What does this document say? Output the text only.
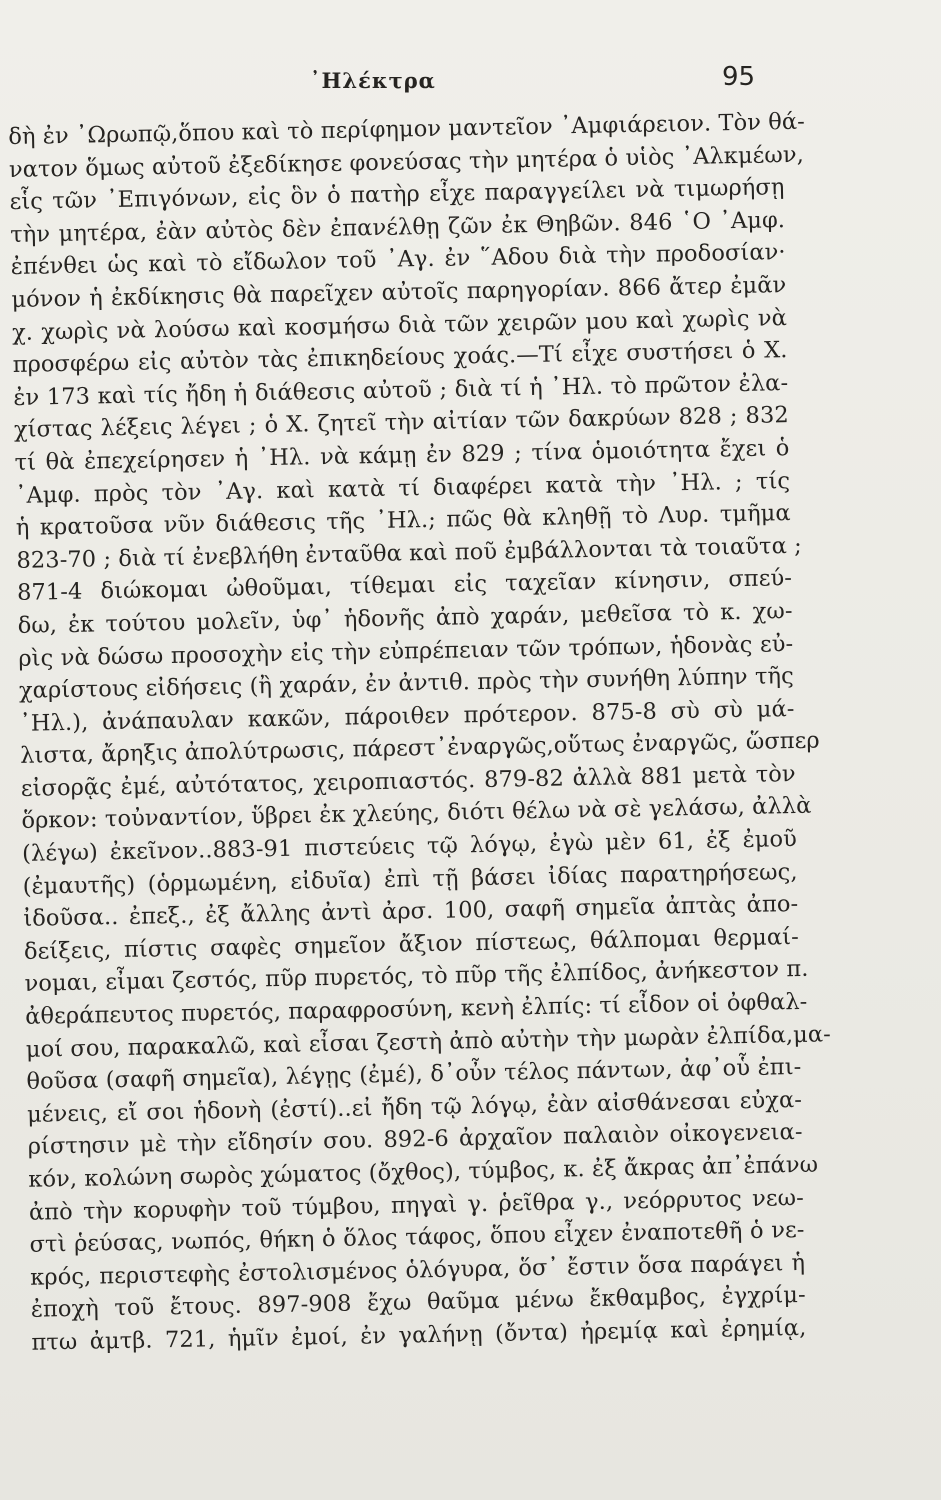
᾿Ηλέκτρα	95
δὴ ἐν ᾿Ωρωπῷ,ὅπου καὶ τὸ περίφημον μαντεῖον ᾿Αμφιάρειον. Τὸν θά-
νατον ὅμως αὐτοῦ ἐξεδίκησε φονεύσας τὴν μητέρα ὁ υἱὸς ᾿Αλκμέων,
εἷς τῶν ᾿Επιγόνων, εἰς ὃν ὁ πατὴρ εἶχε παραγγείλει νὰ τιμωρήσῃ
τὴν μητέρα, ἐὰν αὐτὸς δὲν ἐπανέλθῃ ζῶν ἐκ Θηβῶν. 846 ῾Ο ᾿Αμφ.
ἐπένθει ὡς καὶ τὸ εἴδωλον τοῦ ᾿Αγ. ἐν ῞Αδου διὰ τὴν προδοσίαν·
μόνον ἡ ἐκδίκησις θὰ παρεῖχεν αὐτοῖς παρηγορίαν. 866 ἄτερ ἐμᾶν
χ. χωρὶς νὰ λούσω καὶ κοσμήσω διὰ τῶν χειρῶν μου καὶ χωρὶς νὰ
προσφέρω εἰς αὐτὸν τὰς ἐπικηδείους χοάς.—Τί εἶχε συστήσει ὁ Χ.
ἐν 173 καὶ τίς ἤδη ἡ διάθεσις αὐτοῦ ; διὰ τί ἡ ᾿Ηλ. τὸ πρῶτον ἐλα-
χίστας λέξεις λέγει ; ὁ Χ. ζητεῖ τὴν αἰτίαν τῶν δακρύων 828 ; 832
τί θὰ ἐπεχείρησεν ἡ ᾿Ηλ. νὰ κάμῃ ἐν 829 ; τίνα ὁμοιότητα ἔχει ὁ
᾿Αμφ. πρὸς τὸν ᾿Αγ. καὶ κατὰ τί διαφέρει κατὰ τὴν ᾿Ηλ. ; τίς
ἡ κρατοῦσα νῦν διάθεσις τῆς ᾿Ηλ.; πῶς θὰ κληθῇ τὸ Λυρ. τμῆμα
823-70 ; διὰ τί ἐνεβλήθη ἐνταῦθα καὶ ποῦ ἐμβάλλονται τὰ τοιαῦτα ;
871-4 διώκομαι ὠθοῦμαι, τίθεμαι εἰς ταχεῖαν κίνησιν, σπεύ-
δω, ἐκ τούτου μολεῖν, ὑφ᾿ ἡδονῆς ἀπὸ χαράν, μεθεῖσα τὸ κ. χω-
ρὶς νὰ δώσω προσοχὴν εἰς τὴν εὐπρέπειαν τῶν τρόπων, ἡδονὰς εὐ-
χαρίστους εἰδήσεις (ἢ χαράν, ἐν ἀντιθ. πρὸς τὴν συνήθη λύπην τῆς
᾿Ηλ.), ἀνάπαυλαν κακῶν, πάροιθεν πρότερον. 875-8 σὺ σὺ μά-
λιστα, ἄρηξις ἀπολύτρωσις, πάρεστ᾿ἐναργῶς,οὕτως ἐναργῶς, ὥσπερ
εἰσορᾷς ἐμέ, αὐτότατος, χειροπιαστός. 879-82 ἀλλὰ 881 μετὰ τὸν
ὅρκον: τοὐναντίον, ὕβρει ἐκ χλεύης, διότι θέλω νὰ σὲ γελάσω, ἀλλὰ
(λέγω) ἐκεῖνον..883-91 πιστεύεις τῷ λόγῳ, ἐγὼ μὲν 61, ἐξ ἐμοῦ
(ἐμαυτῆς) (ὁρμωμένη, εἰδυῖα) ἐπὶ τῇ βάσει ἰδίας παρατηρήσεως,
ἰδοῦσα.. ἐπεξ., ἐξ ἄλλης ἀντὶ ἀρσ. 100, σαφῆ σημεῖα ἀπτὰς ἀπο-
δείξεις, πίστις σαφὲς σημεῖον ἄξιον πίστεως, θάλπομαι θερμαί-
νομαι, εἶμαι ζεστός, πῦρ πυρετός, τὸ πῦρ τῆς ἐλπίδος, ἀνήκεστον π.
ἀθεράπευτος πυρετός, παραφροσύνη, κενὴ ἐλπίς: τί εἶδον οἱ ὀφθαλ-
μοί σου, παρακαλῶ, καὶ εἶσαι ζεστὴ ἀπὸ αὐτὴν τὴν μωρὰν ἐλπίδα,μα-
θοῦσα (σαφῆ σημεῖα), λέγῃς (ἐμέ), δ᾿οὖν τέλος πάντων, ἀφ᾿οὗ ἐπι-
μένεις, εἴ σοι ἡδονὴ (ἐστί)..εἰ ἤδη τῷ λόγῳ, ἐὰν αἰσθάνεσαι εὐχα-
ρίστησιν μὲ τὴν εἴδησίν σου. 892-6 ἀρχαῖον παλαιὸν οἰκογενεια-
κόν, κολώνη σωρὸς χώματος (ὄχθος), τύμβος, κ. ἐξ ἄκρας ἀπ᾿ἐπάνω
ἀπὸ τὴν κορυφὴν τοῦ τύμβου, πηγαὶ γ. ῥεῖθρα γ., νεόρρυτος νεω-
στὶ ῥεύσας, νωπός, θήκη ὁ ὅλος τάφος, ὅπου εἶχεν ἐναποτεθῆ ὁ νε-
κρός, περιστεφὴς ἐστολισμένος ὁλόγυρα, ὅσ᾿ ἔστιν ὅσα παράγει ἡ
ἐποχὴ τοῦ ἔτους. 897-908 ἔχω θαῦμα μένω ἔκθαμβος, ἐγχρίμ-
πτω ἀμτβ. 721, ἡμῖν ἐμοί, ἐν γαλήνῃ (ὄντα) ἠρεμίᾳ καὶ ἐρημίᾳ,
